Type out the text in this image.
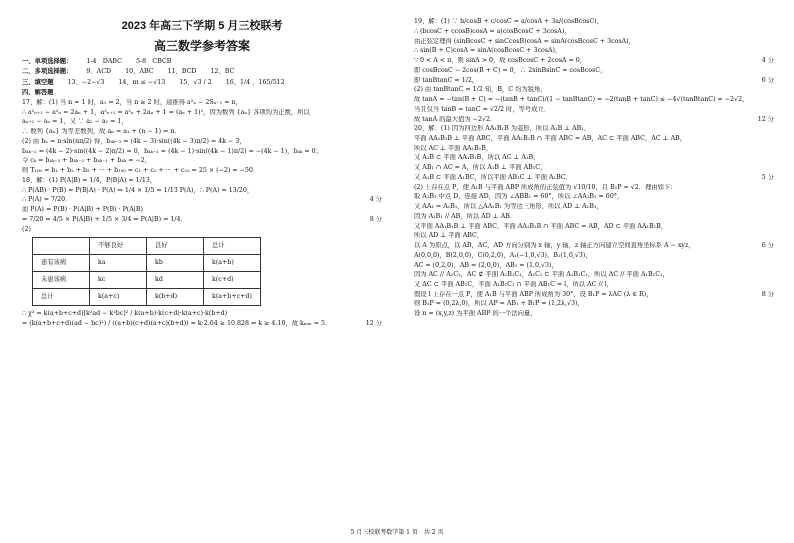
2023 年高三下学期 5 月三校联考
高三数学参考答案
一、单项选择题： 1-4　DABC 5-8　CBCB
二、多项选择题： 9、ACD 10、ABC 11、BCD 12、BC
三、填空题 13、−2−√3 14、m ≤ −√13 15、√3 / 2 16、1/4 ，165/512
四、解答题
17、解：(1) 当 n = 1 时，a₁ = 2，当 n ≥ 2 时，递推得 a²ₙ − 2Sₙ₋₁ = n，
∴ a²ₙ₊₁ − a²ₙ = 2aₙ + 1，a²ₙ₊₁ = a²ₙ + 2aₙ + 1 = (aₙ + 1)²，因为数列 {aₙ} 各项均为正数，所以
aₙ₊₁ − aₙ = 1，又 ∵ a₂ − a₁ = 1，
∴ 数列 {aₙ} 为等差数列，故 aₙ = a₁ + (n − 1) = n．
(2) 由 bₙ = n·sin(nπ/2) 得，b₄ₖ₋₃ = (4k − 3)·sin((4k − 3)π/2) = 4k − 3，
b₄ₖ₋₂ = (4k − 2)·sin((4k − 2)π/2) = 0，b₄ₖ₋₁ = (4k − 1)·sin((4k − 1)π/2) = −(4k − 1)，b₄ₖ = 0；
令 cₖ = b₄ₖ₋₃ + b₄ₖ₋₂ + b₄ₖ₋₁ + b₄ₖ = −2，
则 T₁₀₀ = b₁ + b₂ + b₃ + ··· + b₁₀₀ = c₁ + c₂ + ··· + c₂₅ = 25 × (−2) = −50．
18、解：(1) P(Ā|B̄) = 1/4，P(B̄|Ā) = 1/13，
∴ P(ĀB̄) · P(B̄) = P(B̄|Ā) · P(Ā) ⇒ 1/4 × 1/5 = 1/13 P(Ā)，∴ P(Ā) = 13/20，
4 分
∴ P(A) = 7/20．
而 P(A) = P(B) · P(A|B) + P(B̄) · P(A|B̄)
8 分
⇒ 7/20 = 4/5 × P(A|B) + 1/5 × 3/4 ⇒ P(A|B) = 1/4．
(2)
	不够良好	良好	总计
患有该病	ka	kb	k(a+b)
未患该病	kc	kd	k(c+d)
总计	k(a+c)	k(b+d)	k(a+b+c+d)
∴ χ² = k(a+b+c+d)[k²ad − k²bc]² / k(a+b)·k(c+d)·k(a+c)·k(b+d)
12 分
= (k(a+b+c+d)(ad − bc)²) / ((a+b)(c+d)(a+c)(b+d)) = k·2.64 ≥ 10.828 ⇒ k ≥ 4.10，故 kₘᵢₙ = 5．
19、解：(1) ∵ b/cosB + c/cosC = a/cosA + 3a/(cosBcosC)，
∴ (bcosC + ccosB)cosA = a(cosBcosC + 3cosA)，
由正弦定理得 (sinBcosC + sinCcosB)cosA = sinA(cosBcosC + 3cosA)，
∴ sin(B + C)cosA = sinA(cosBcosC + 3cosA)，
4 分
∵ 0 < A < π，则 sinA > 0，故 cosBcosC + 2cosA = 0，
即 cosBcosC − 2cos(B + C) = 0，∴ 2sinBsinC = cosBcosC，
6 分
即 tanBtanC = 1/2，
(2) 由 tanBtanC = 1/2 知，B，C 均为锐角，
故 tanA = −tan(B + C) = −(tanB + tanC)/(1 − tanBtanC) = −2(tanB + tanC) ≤ −4√(tanBtanC) = −2√2，
当且仅当 tanB = tanC = √2/2 时，等号成立．
12 分
故 tanA 的最大值为 −2√2．
20、解：(1) 因为四边形 AA₁B₁B 为菱形，所以 A₁B ⊥ AB₁，
平面 AA₁B₁B ⊥ 平面 ABC，平面 AA₁B₁B ∩ 平面 ABC = AB，AC ⊂ 平面 ABC，AC ⊥ AB，
所以 AC ⊥ 平面 AA₁B₁B，
又 A₁B ⊂ 平面 AA₁B₁B，所以 AC ⊥ A₁B，
又 AB₁ ∩ AC = A，所以 A₁B ⊥ 平面 AB₁C，
5 分
又 A₁B ⊂ 平面 A₁BC，所以平面 AB₁C ⊥ 平面 A₁BC．
(2) 上存在点 P，使 A₁B 与平面 ABP 所成角的正弦值为 √10/10，且 B₁P = √2．理由如下：
取 A₁B₁ 中点 D，连接 AD，因为 ∠ABB₁ = 60°，所以 ∠AA₁B₁ = 60°，
又 AA₁ = A₁B₁，所以 △AA₁B₁ 为等边三角形，所以 AD ⊥ A₁B₁，
因为 A₁B₁ // AB，所以 AD ⊥ AB．
又平面 AA₁B₁B ⊥ 平面 ABC，平面 AA₁B₁B ∩ 平面 ABC = AB，AD ⊂ 平面 AA₁B₁B，
所以 AD ⊥ 平面 ABC，
6 分
以 A 为原点，以 AB，AC，AD 方向分别为 x 轴，y 轴，z 轴正方向建立空间直角坐标系 A − xyz，
A(0,0,0)，B(2,0,0)，C(0,2,0)，A₁(−1,0,√3)，B₁(1,0,√3)，
AC = (0,2,0)，AB = (2,0,0)，AB₁ = (1,0,√3)，
因为 AC // A₁C₁，AC ⊄ 平面 A₁B₁C₁，A₁C₁ ⊂ 平面 A₁B₁C₁，所以 AC // 平面 A₁B₁C₁，
又 AC ⊂ 平面 AB₁C，平面 A₁B₁C₁ ∩ 平面 AB₁C = l，所以 AC // l，
8 分
假设 l 上存在一点 P，使 A₁B 与平面 ABP 所成角为 30°，设 B₁P = λAC (λ ∈ R)，
则 B₁P = (0,2λ,0)，所以 AP = AB₁ + B₁P = (1,2λ,√3)，
设 n = (x,y,z) 为平面 ABP 的一个法向量，
5 月三校联考数学第 1 页　共 2 页
